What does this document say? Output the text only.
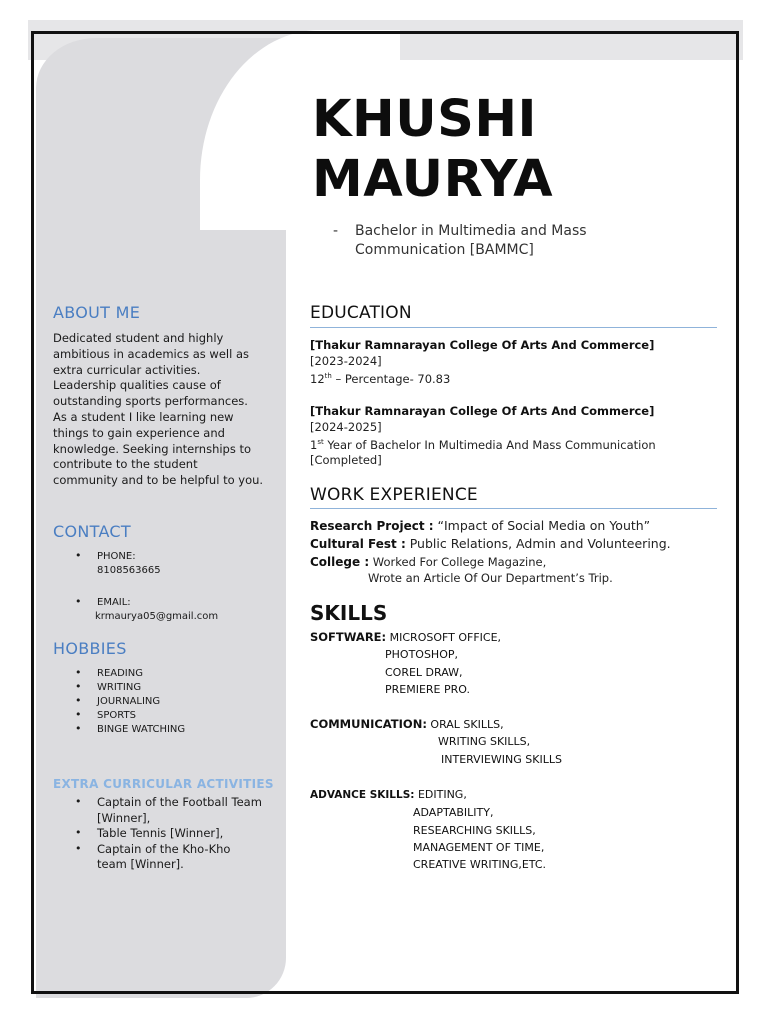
KHUSHI
MAURYA
- Bachelor in Multimedia and Mass
Communication [BAMMC]
ABOUT ME
Dedicated student and highly ambitious in academics as well as extra curricular activities. Leadership qualities cause of outstanding sports performances. As a student I like learning new things to gain experience and knowledge. Seeking internships to contribute to the student community and to be helpful to you.
CONTACT
• PHONE:
8108563665
• EMAIL:
krmaurya05@gmail.com
HOBBIES
• READING
• WRITING
• JOURNALING
• SPORTS
• BINGE WATCHING
EXTRA CURRICULAR ACTIVITIES
• Captain of the Football Team [Winner],
• Table Tennis [Winner],
• Captain of the Kho-Kho team [Winner].
EDUCATION
[Thakur Ramnarayan College Of Arts And Commerce]
[2023-2024]
12th – Percentage- 70.83
[Thakur Ramnarayan College Of Arts And Commerce]
[2024-2025]
1st Year of Bachelor In Multimedia And Mass Communication
[Completed]
WORK EXPERIENCE
Research Project : “Impact of Social Media on Youth”
Cultural Fest : Public Relations, Admin and Volunteering.
College : Worked For College Magazine,
Wrote an Article Of Our Department’s Trip.
SKILLS
SOFTWARE: MICROSOFT OFFICE,
PHOTOSHOP,
COREL DRAW,
PREMIERE PRO.
COMMUNICATION: ORAL SKILLS,
WRITING SKILLS,
INTERVIEWING SKILLS
ADVANCE SKILLS: EDITING,
ADAPTABILITY,
RESEARCHING SKILLS,
MANAGEMENT OF TIME,
CREATIVE WRITING,ETC.
